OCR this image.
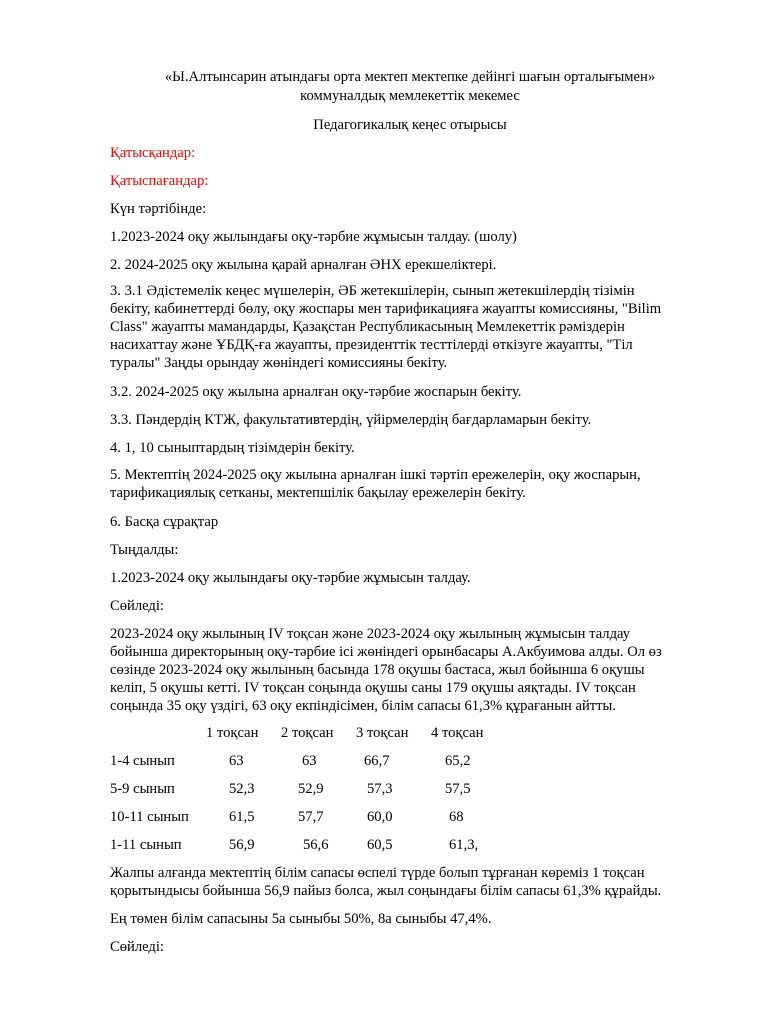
«Ы.Алтынсарин атындағы орта мектеп мектепке дейінгі шағын орталығымен»
коммуналдық мемлекеттік мекемес
Педагогикалық кеңес отырысы
Қатысқандар:
Қатыспағандар:
Күн тәртібінде:
1.2023-2024 оқу жылындағы оқу-тәрбие жұмысын талдау. (шолу)
2. 2024-2025 оқу жылына қарай арналған ӘНХ ерекшеліктері.
3. 3.1 Әдістемелік кеңес мүшелерін, ӘБ жетекшілерін, сынып жетекшілердің тізімін
бекіту, кабинеттерді бөлу, оқу жоспары мен тарификацияға жауапты комиссияны, "Bilim
Class" жауапты мамандарды, Қазақстан Республикасының Мемлекеттік рәміздерін
насихаттау және ҰБДҚ-ға жауапты, президенттік тесттілерді өткізуге жауапты, "Тіл
туралы" Заңды орындау жөніндегі комиссияны бекіту.
3.2. 2024-2025 оқу жылына арналған оқу-тәрбие жоспарын бекіту.
3.3. Пәндердің КТЖ, факультативтердің, үйірмелердің бағдарламарын бекіту.
4. 1, 10 сыныптардың тізімдерін бекіту.
5. Мектептің 2024-2025 оқу жылына арналған ішкі тәртіп ережелерін, оқу жоспарын,
тарификациялық сетканы, мектепшілік бақылау ережелерін бекіту.
6. Басқа сұрақтар
Тыңдалды:
1.2023-2024 оқу жылындағы оқу-тәрбие жұмысын талдау.
Сөйледі:
2023-2024 оқу жылының IV тоқсан және 2023-2024 оқу жылының жұмысын талдау
бойынша директорының оқу-тәрбие ісі жөніндегі орынбасары А.Акбуимова алды. Ол өз
сөзінде 2023-2024 оқу жылының басында 178 оқушы бастаса, жыл бойынша 6 оқушы
келіп, 5 оқушы кетті. IV тоқсан соңында оқушы саны 179 оқушы аяқтады. IV тоқсан
соңында 35 оқу үздігі, 63 оқу екпіндісімен, білім сапасы 61,3% құрағанын айтты.
1 тоқсан 2 тоқсан 3 тоқсан 4 тоқсан
1-4 сынып	63	63	66,7	65,2
5-9 сынып	52,3	52,9	57,3	57,5
10-11 сынып	61,5	57,7	60,0	68
1-11 сынып	56,9	56,6	60,5	61,3,
Жалпы алғанда мектептің білім сапасы өспелі түрде болып тұрғанан көреміз 1 тоқсан
қорытындысы бойынша 56,9 пайыз болса, жыл соңындағы білім сапасы 61,3% құрайды.
Ең төмен білім сапасыны 5а сыныбы 50%, 8а сыныбы 47,4%.
Сөйледі:
